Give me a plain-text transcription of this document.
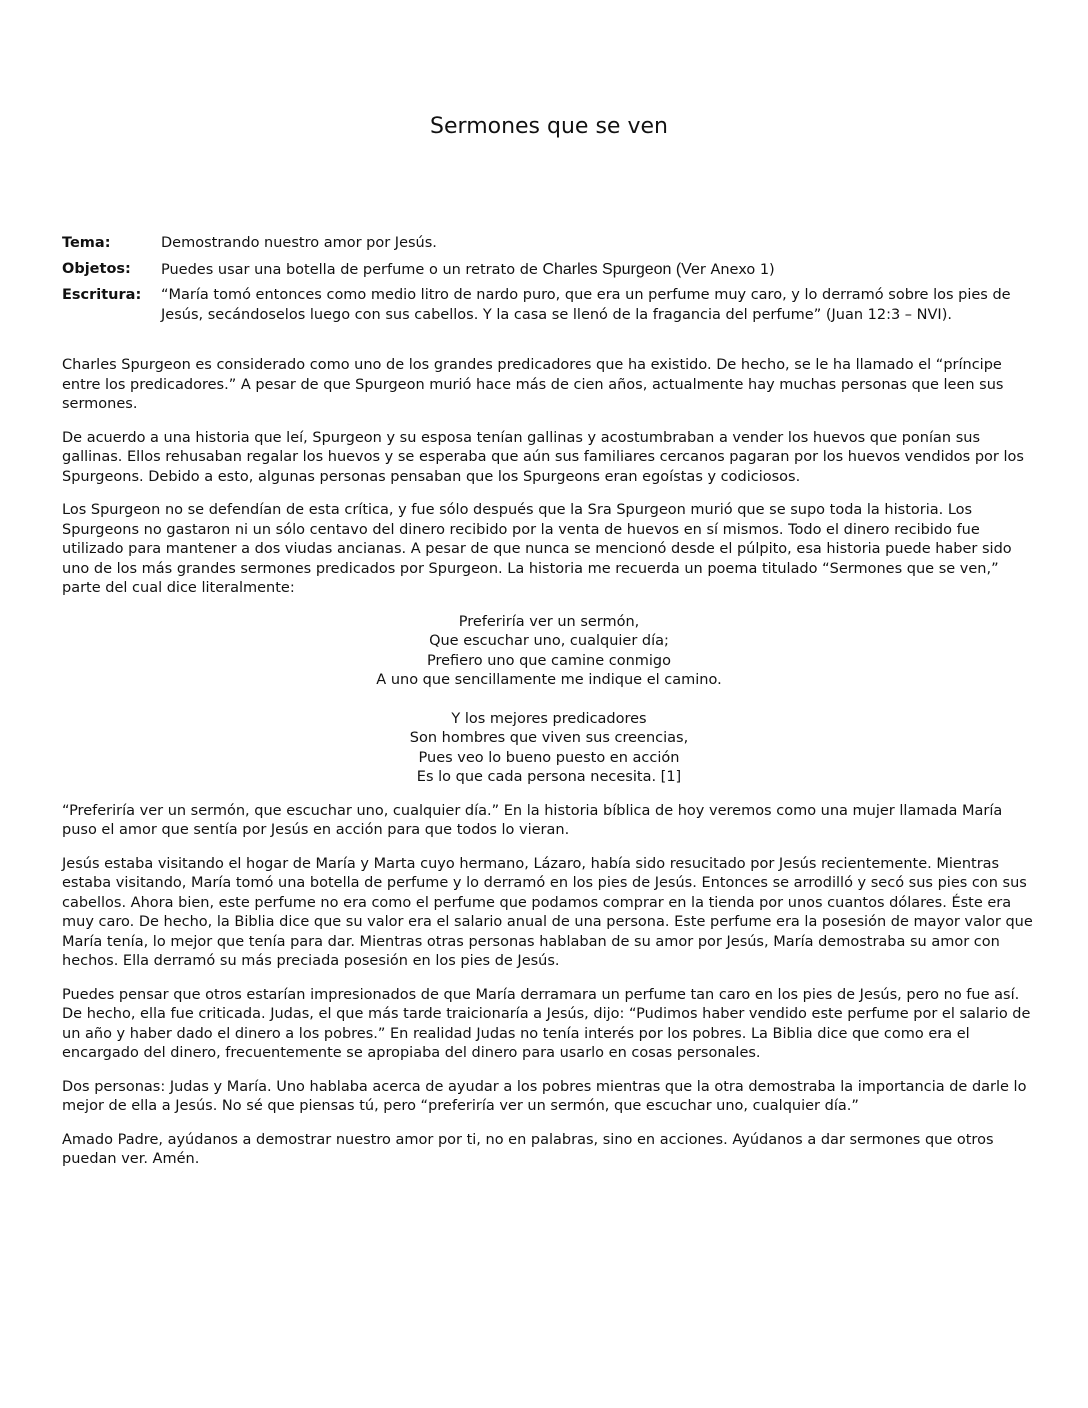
Sermones que se ven
Tema:	Demostrando nuestro amor por Jesús.
Objetos:	Puedes usar una botella de perfume o un retrato de Charles Spurgeon (Ver Anexo 1)
Escritura:	“María tomó entonces como medio litro de nardo puro, que era un perfume muy caro, y lo derramó sobre los pies de Jesús, secándoselos luego con sus cabellos. Y la casa se llenó de la fragancia del perfume” (Juan 12:3 – NVI).

Charles Spurgeon es considerado como uno de los grandes predicadores que ha existido. De hecho, se le ha llamado el “príncipe entre los predicadores.” A pesar de que Spurgeon murió hace más de cien años, actualmente hay muchas personas que leen sus sermones.

De acuerdo a una historia que leí, Spurgeon y su esposa tenían gallinas y acostumbraban a vender los huevos que ponían sus gallinas. Ellos rehusaban regalar los huevos y se esperaba que aún sus familiares cercanos pagaran por los huevos vendidos por los Spurgeons. Debido a esto, algunas personas pensaban que los Spurgeons eran egoístas y codiciosos.

Los Spurgeon no se defendían de esta crítica, y fue sólo después que la Sra Spurgeon murió que se supo toda la historia. Los Spurgeons no gastaron ni un sólo centavo del dinero recibido por la venta de huevos en sí mismos. Todo el dinero recibido fue utilizado para mantener a dos viudas ancianas. A pesar de que nunca se mencionó desde el púlpito, esa historia puede haber sido uno de los más grandes sermones predicados por Spurgeon. La historia me recuerda un poema titulado “Sermones que se ven,” parte del cual dice literalmente:

Preferiría ver un sermón,
Que escuchar uno, cualquier día;
Prefiero uno que camine conmigo
A uno que sencillamente me indique el camino.
Y los mejores predicadores
Son hombres que viven sus creencias,
Pues veo lo bueno puesto en acción
Es lo que cada persona necesita. [1]

“Preferiría ver un sermón, que escuchar uno, cualquier día.” En la historia bíblica de hoy veremos como una mujer llamada María puso el amor que sentía por Jesús en acción para que todos lo vieran.

Jesús estaba visitando el hogar de María y Marta cuyo hermano, Lázaro, había sido resucitado por Jesús recientemente. Mientras estaba visitando, María tomó una botella de perfume y lo derramó en los pies de Jesús. Entonces se arrodilló y secó sus pies con sus cabellos. Ahora bien, este perfume no era como el perfume que podamos comprar en la tienda por unos cuantos dólares. Éste era muy caro. De hecho, la Biblia dice que su valor era el salario anual de una persona. Este perfume era la posesión de mayor valor que María tenía, lo mejor que tenía para dar. Mientras otras personas hablaban de su amor por Jesús, María demostraba su amor con hechos. Ella derramó su más preciada posesión en los pies de Jesús.

Puedes pensar que otros estarían impresionados de que María derramara un perfume tan caro en los pies de Jesús, pero no fue así. De hecho, ella fue criticada. Judas, el que más tarde traicionaría a Jesús, dijo: “Pudimos haber vendido este perfume por el salario de un año y haber dado el dinero a los pobres.” En realidad Judas no tenía interés por los pobres. La Biblia dice que como era el encargado del dinero, frecuentemente se apropiaba del dinero para usarlo en cosas personales.

Dos personas: Judas y María. Uno hablaba acerca de ayudar a los pobres mientras que la otra demostraba la importancia de darle lo mejor de ella a Jesús. No sé que piensas tú, pero “preferiría ver un sermón, que escuchar uno, cualquier día.”

Amado Padre, ayúdanos a demostrar nuestro amor por ti, no en palabras, sino en acciones. Ayúdanos a dar sermones que otros puedan ver. Amén.
